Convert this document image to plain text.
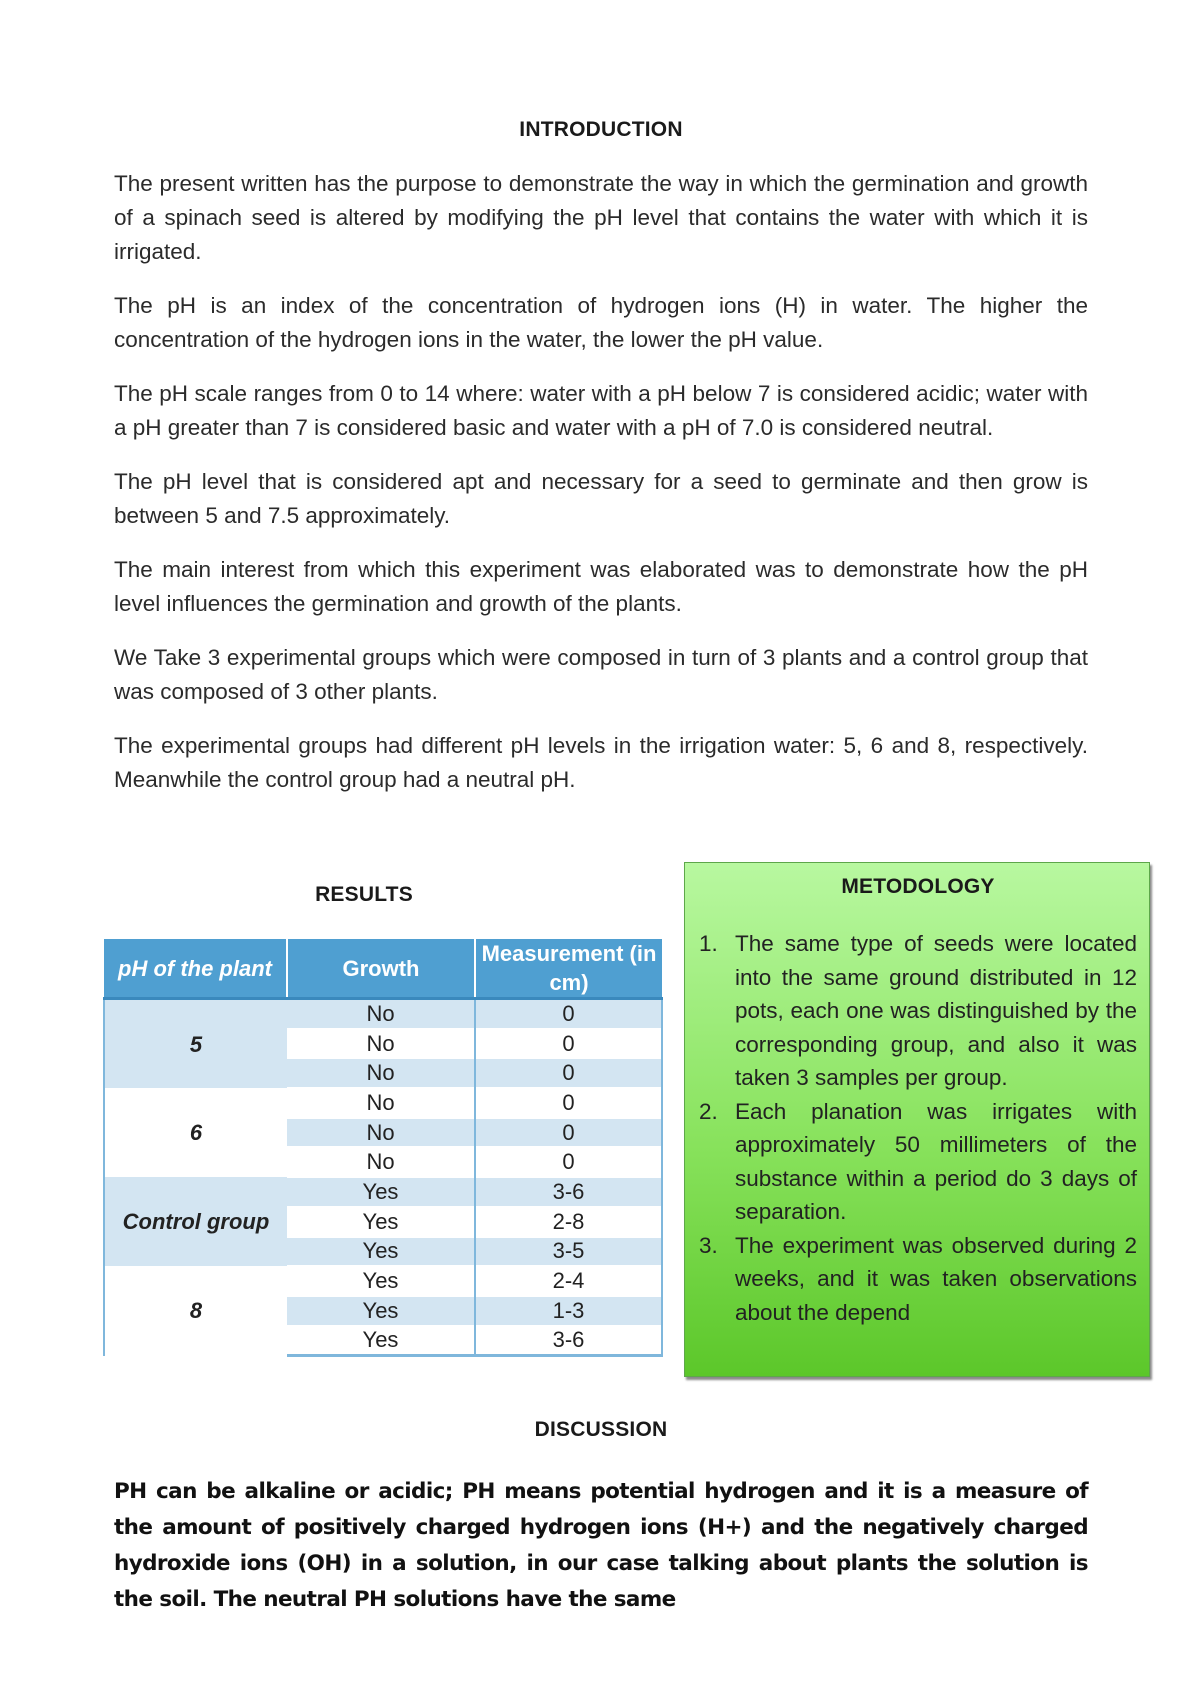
INTRODUCTION

The present written has the purpose to demonstrate the way in which the germination and growth of a spinach seed is altered by modifying the pH level that contains the water with which it is irrigated.

The pH is an index of the concentration of hydrogen ions (H) in water. The higher the concentration of the hydrogen ions in the water, the lower the pH value.

The pH scale ranges from 0 to 14 where: water with a pH below 7 is considered acidic; water with a pH greater than 7 is considered basic and water with a pH of 7.0 is considered neutral.

The pH level that is considered apt and necessary for a seed to germinate and then grow is between 5 and 7.5 approximately.

The main interest from which this experiment was elaborated was to demonstrate how the pH level influences the germination and growth of the plants.

We Take 3 experimental groups which were composed in turn of 3 plants and a control group that was composed of 3 other plants.

The experimental groups had different pH levels in the irrigation water: 5, 6 and 8, respectively. Meanwhile the control group had a neutral pH.

RESULTS
pH of the plant	Growth	Measurement (in cm)
5	No	0
	No	0
	No	0
6	No	0
	No	0
	No	0
Control group	Yes	3-6
	Yes	2-8
	Yes	3-5
8	Yes	2-4
	Yes	1-3
	Yes	3-6
METODOLOGY
1. The same type of seeds were located into the same ground distributed in 12 pots, each one was distinguished by the corresponding group, and also it was taken 3 samples per group.
2. Each planation was irrigates with approximately 50 millimeters of the substance within a period do 3 days of separation.
3. The experiment was observed during 2 weeks, and it was taken observations about the depend
DISCUSSION

PH can be alkaline or acidic; PH means potential hydrogen and it is a measure of the amount of positively charged hydrogen ions (H+) and the negatively charged hydroxide ions (OH) in a solution, in our case talking about plants the solution is the soil. The neutral PH solutions have the same
